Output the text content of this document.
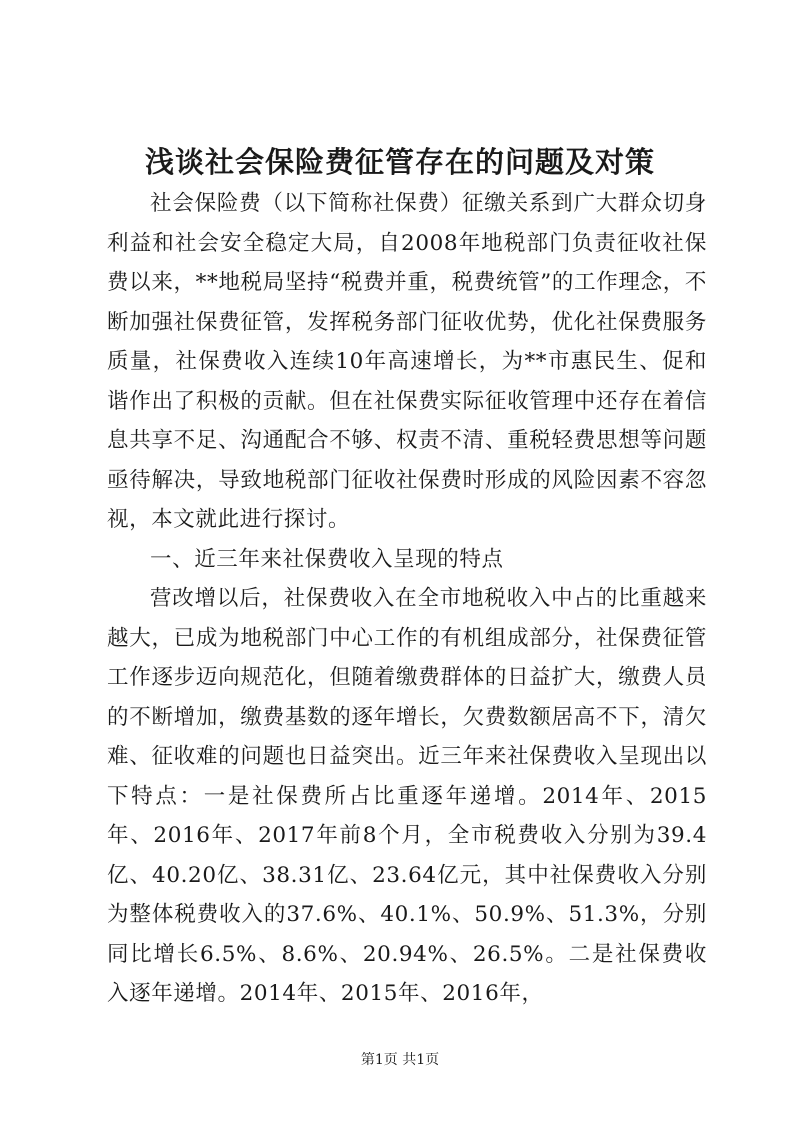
浅谈社会保险费征管存在的问题及对策

社会保险费（以下简称社保费）征缴关系到广大群众切身利益和社会安全稳定大局，自2008年地税部门负责征收社保费以来，**地税局坚持“税费并重，税费统管”的工作理念，不断加强社保费征管，发挥税务部门征收优势，优化社保费服务质量，社保费收入连续10年高速增长，为**市惠民生、促和谐作出了积极的贡献。但在社保费实际征收管理中还存在着信息共享不足、沟通配合不够、权责不清、重税轻费思想等问题亟待解决，导致地税部门征收社保费时形成的风险因素不容忽视，本文就此进行探讨。

一、近三年来社保费收入呈现的特点

营改增以后，社保费收入在全市地税收入中占的比重越来越大，已成为地税部门中心工作的有机组成部分，社保费征管工作逐步迈向规范化，但随着缴费群体的日益扩大，缴费人员的不断增加，缴费基数的逐年增长，欠费数额居高不下，清欠难、征收难的问题也日益突出。近三年来社保费收入呈现出以下特点：一是社保费所占比重逐年递增。2014年、2015年、2016年、2017年前8个月，全市税费收入分别为39.4亿、40.20亿、38.31亿、23.64亿元，其中社保费收入分别为整体税费收入的37.6%、40.1%、50.9%、51.3%，分别同比增长6.5%、8.6%、20.94%、26.5%。二是社保费收入逐年递增。2014年、2015年、2016年，

第1页 共1页
